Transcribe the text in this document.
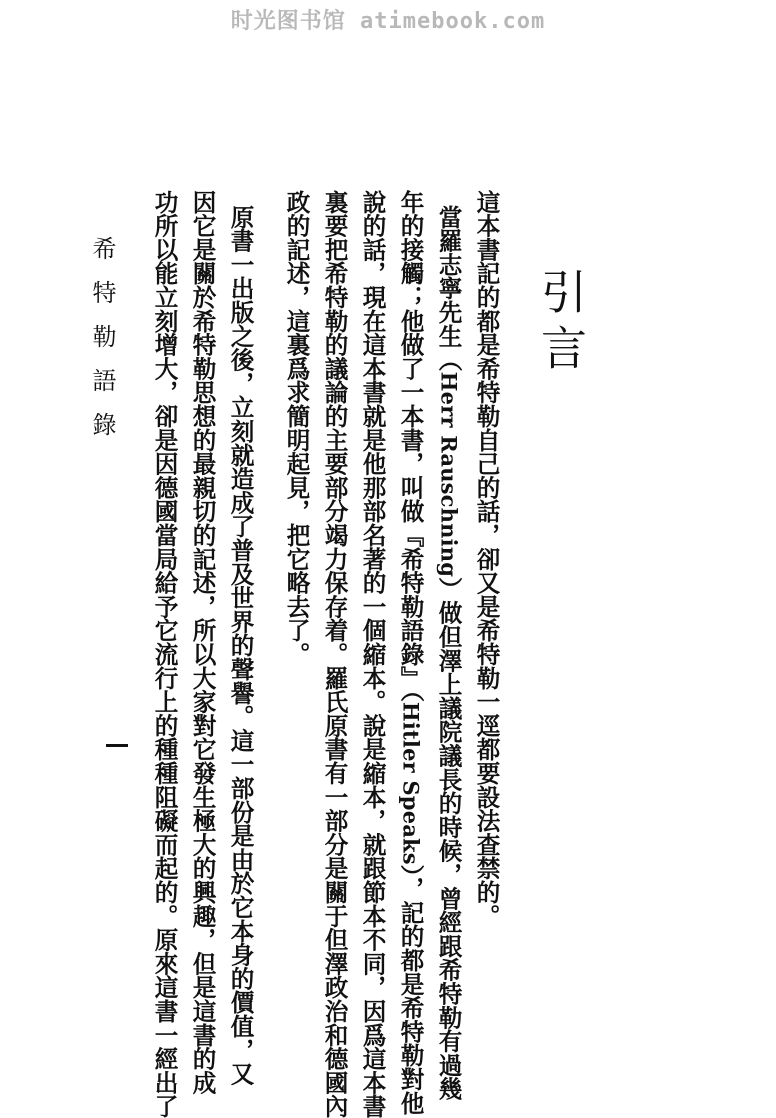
时光图书馆 atimebook.com
引言
這本書記的都是希特勒自己的話，卻又是希特勒一逕都要設法查禁的。
當羅志寧先生（Herr Rauschning）做但澤上議院議長的時候，曾經跟希特勒有過幾
年的接觸；他做了一本書，叫做『希特勒語錄』（Hitler Speaks），記的都是希特勒對他
說的話，現在這本書就是他那部名著的一個縮本。說是縮本，就跟節本不同，因爲這本書
裏要把希特勒的議論的主要部分竭力保存着。羅氏原書有一部分是關于但澤政治和德國內
政的記述，這裏爲求簡明起見，把它略去了。
原書一出版之後，立刻就造成了普及世界的聲譽。這一部份是由於它本身的價值，又
因它是關於希特勒思想的最親切的記述，所以大家對它發生極大的興趣，但是這書的成
功所以能立刻增大，卻是因德國當局給予它流行上的種種阻礙而起的。原來這書一經出了
希特勒語錄
